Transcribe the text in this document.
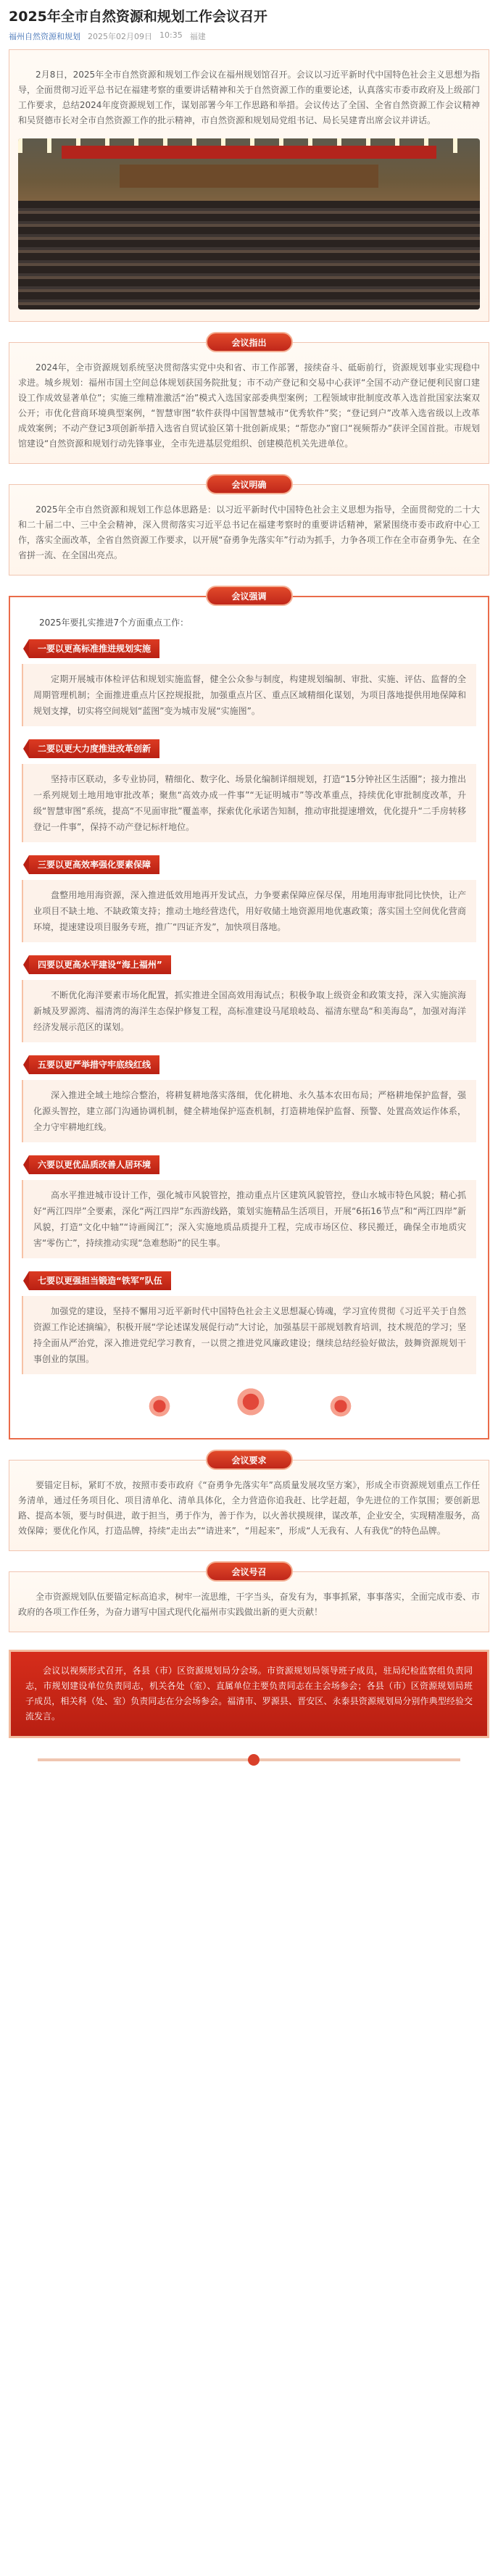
2025年全市自然资源和规划工作会议召开
福州自然资源和规划 2025年02月09日 10:35 福建

2月8日，2025年全市自然资源和规划工作会议在福州规划馆召开。会议以习近平新时代中国特色社会主义思想为指导，全面贯彻习近平总书记在福建考察的重要讲话精神和关于自然资源工作的重要论述，认真落实市委市政府及上级部门工作要求，总结2024年度资源规划工作，谋划部署今年工作思路和举措。会议传达了全国、全省自然资源工作会议精神和吴贤德市长对全市自然资源工作的批示精神，市自然资源和规划局党组书记、局长吴建青出席会议并讲话。

会议指出

2024年，全市资源规划系统坚决贯彻落实党中央和省、市工作部署，接续奋斗、砥砺前行，资源规划事业实现稳中求进。城乡规划：福州市国土空间总体规划获国务院批复；市不动产登记和交易中心获评“全国不动产登记便利民窗口建设工作成效显著单位”；实施三维精准激活“治”模式入选国家部委典型案例；工程领域审批制度改革入选首批国家法案双公开；市优化营商环境典型案例，“智慧审图”软件获得中国智慧城市“优秀软件”奖；“登记到户”改革入选省级以上改革成效案例；不动产登记3项创新举措入选省自贸试验区第十批创新成果；“帮您办”窗口“视频帮办”获评全国首批。市规划馆建设“自然资源和规划行动先锋事业，全市先进基层党组织、创建模范机关先进单位。

会议明确

2025年全市自然资源和规划工作总体思路是：以习近平新时代中国特色社会主义思想为指导，全面贯彻党的二十大和二十届二中、三中全会精神，深入贯彻落实习近平总书记在福建考察时的重要讲话精神，紧紧围绕市委市政府中心工作，落实全面改革，全省自然资源工作要求，以开展“奋勇争先落实年”行动为抓手，力争各项工作在全市奋勇争先、在全省拼一流、在全国出亮点。

会议强调

2025年要扎实推进7个方面重点工作：

一要以更高标准推进规划实施

定期开展城市体检评估和规划实施监督，健全公众参与制度，构建规划编制、审批、实施、评估、监督的全周期管理机制；全面推进重点片区控规报批，加强重点片区、重点区域精细化谋划，为项目落地提供用地保障和规划支撑，切实将空间规划“蓝图”变为城市发展“实施图”。

二要以更大力度推进改革创新

坚持市区联动，多专业协同，精细化、数字化、场景化编制详细规划，打造“15分钟社区生活圈”；接力推出一系列规划土地用地审批改革；聚焦“高效办成一件事”“无证明城市”等改革重点，持续优化审批制度改革，升级“智慧审图”系统，提高“不见面审批”覆盖率，探索优化承诺告知制，推动审批提速增效，优化提升“二手房转移登记一件事”，保持不动产登记标杆地位。

三要以更高效率强化要素保障

盘整用地用海资源，深入推进低效用地再开发试点，力争要素保障应保尽保，用地用海审批同比快快，让产业项目不缺土地、不缺政策支持；推动土地经营迭代，用好收储土地资源用地优惠政策；落实国土空间优化营商环境，提速建设项目服务专班，推广“四证齐发”，加快项目落地。

四要以更高水平建设“海上福州”

不断优化海洋要素市场化配置，抓实推进全国高效用海试点；积极争取上级资金和政策支持，深入实施滨海新城及罗源湾、福清湾的海洋生态保护修复工程，高标准建设马尾琅岐岛、福清东壁岛“和美海岛”，加强对海洋经济发展示范区的谋划。

五要以更严举措守牢底线红线

深入推进全域土地综合整治，将耕复耕地落实落细，优化耕地、永久基本农田布局；严格耕地保护监督，强化源头智控，建立部门沟通协调机制，健全耕地保护巡查机制，打造耕地保护监督、预警、处置高效运作体系，全力守牢耕地红线。

六要以更优品质改善人居环境

高水平推进城市设计工作，强化城市风貌管控，推动重点片区建筑风貌管控，登山水城市特色风貌；精心抓好“两江四岸”全要素，深化“两江四岸”东西游线路，策划实施精品生活项目，开展“6拓16节点”和“两江四岸”新风貌，打造“文化中轴”“诗画闽江”；深入实施地质品质提升工程，完成市场区位、移民搬迁，确保全市地质灾害“零伤亡”，持续推动实现“急难愁盼”的民生事。

七要以更强担当锻造“铁军”队伍

加强党的建设，坚持不懈用习近平新时代中国特色社会主义思想凝心铸魂，学习宣传贯彻《习近平关于自然资源工作论述摘编》，积极开展“学论述谋发展促行动”大讨论，加强基层干部规划教育培训，技术规范的学习；坚持全面从严治党，深入推进党纪学习教育，一以贯之推进党风廉政建设；继续总结经验好做法，鼓舞资源规划干事创业的氛围。

会议要求

要锚定目标，紧盯不放，按照市委市政府《“奋勇争先落实年”高质量发展攻坚方案》，形成全市资源规划重点工作任务清单，通过任务项目化、项目清单化、清单具体化，全力营造你追我赶、比学赶超，争先进位的工作氛围；要创新思路、提高本领，要与时俱进，敢于担当，勇于作为，善于作为，以火善状摸规律，谋改革，企业安全，实现精准服务，高效保障；要优化作风，打造品牌，持续“走出去”“请进来”，“用起来”，形成“人无我有、人有我优”的特色品牌。

会议号召

全市资源规划队伍要锚定标高追求，树牢一流思维，干字当头，奋发有为，事事抓紧，事事落实，全面完成市委、市政府的各项工作任务，为奋力谱写中国式现代化福州市实践做出新的更大贡献！

会议以视频形式召开，各县（市）区资源规划局分会场。市资源规划局领导班子成员，驻局纪检监察组负责同志，市规划建设单位负责同志，机关各处（室）、直属单位主要负责同志在主会场参会；各县（市）区资源规划局班子成员，相关科（处、室）负责同志在分会场参会。福清市、罗源县、晋安区、永泰县资源规划局分别作典型经验交流发言。
